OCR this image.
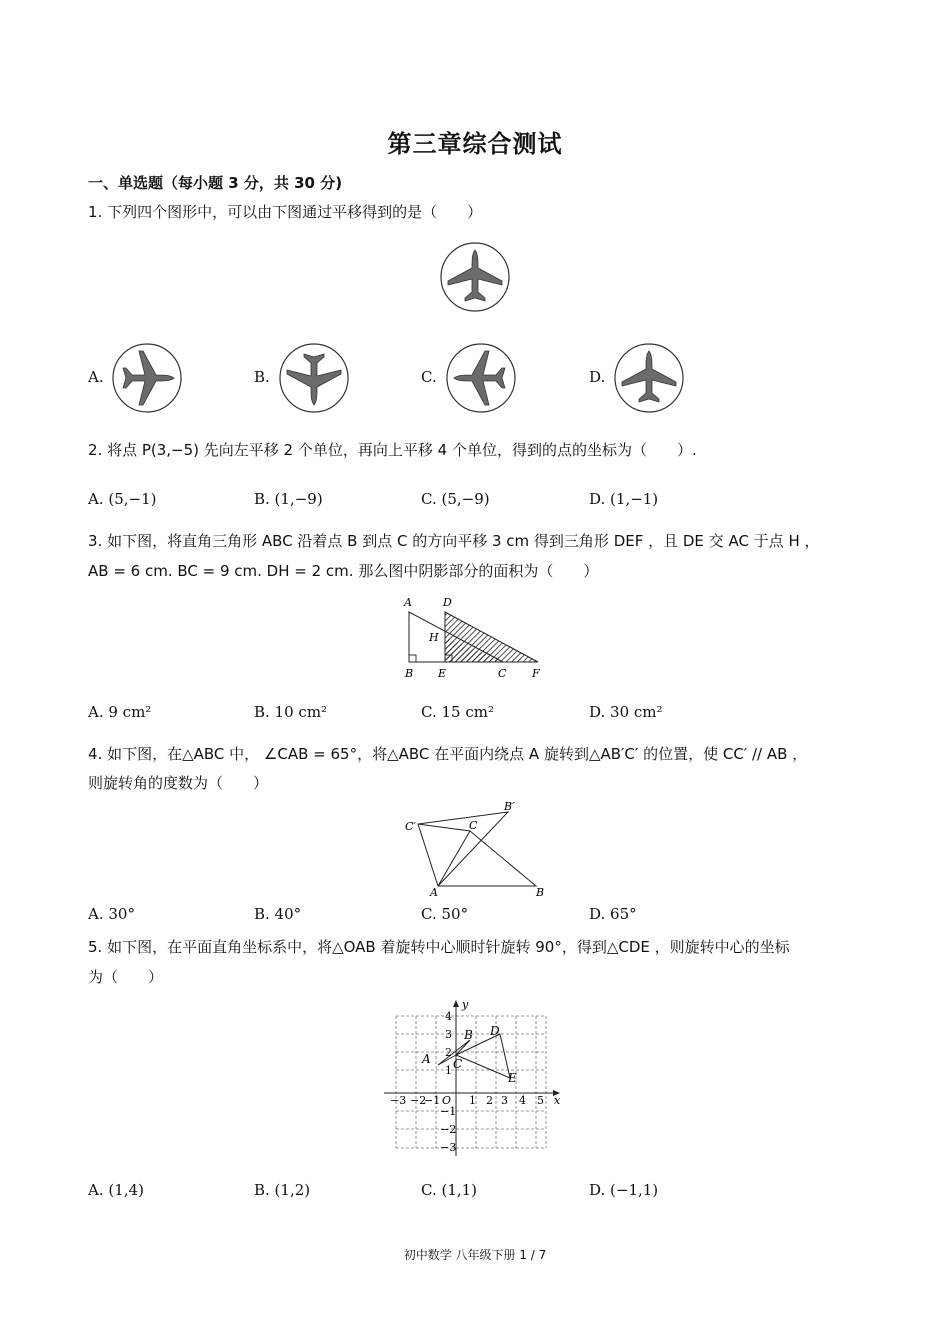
第三章综合测试
一、单选题（每小题 3 分，共 30 分)
1. 下列四个图形中，可以由下图通过平移得到的是（　　）
A.	B.	C.	D.
2. 将点 P(3,−5) 先向左平移 2 个单位，再向上平移 4 个单位，得到的点的坐标为（　　）.
A. (5,−1)	B. (1,−9)	C. (5,−9)	D. (1,−1)
3. 如下图，将直角三角形 ABC 沿着点 B 到点 C 的方向平移 3 cm 得到三角形 DEF ，且 DE 交 AC 于点 H ，
AB = 6 cm. BC = 9 cm. DH = 2 cm. 那么图中阴影部分的面积为（　　）
A	D
H
B E	C F
A. 9 cm²	B. 10 cm²	C. 15 cm²	D. 30 cm²
4. 如下图，在△ABC 中， ∠CAB = 65°，将△ABC 在平面内绕点 A 旋转到△AB′C′ 的位置，使 CC′ // AB ，
则旋转角的度数为（　　）
B′
C′	C
A	B
A. 30°	B. 40°	C. 50°	D. 65°
5. 如下图，在平面直角坐标系中，将△OAB 着旋转中心顺时针旋转 90°，得到△CDE ，则旋转中心的坐标
为（　　）
y
x
O
A
B
C
D
E
−3 −2
−1	1 2 3 4 5
4
3
2
1
−1
−2
−3
A. (1,4)	B. (1,2)	C. (1,1)	D. (−1,1)
初中数学 八年级下册 1 / 7
